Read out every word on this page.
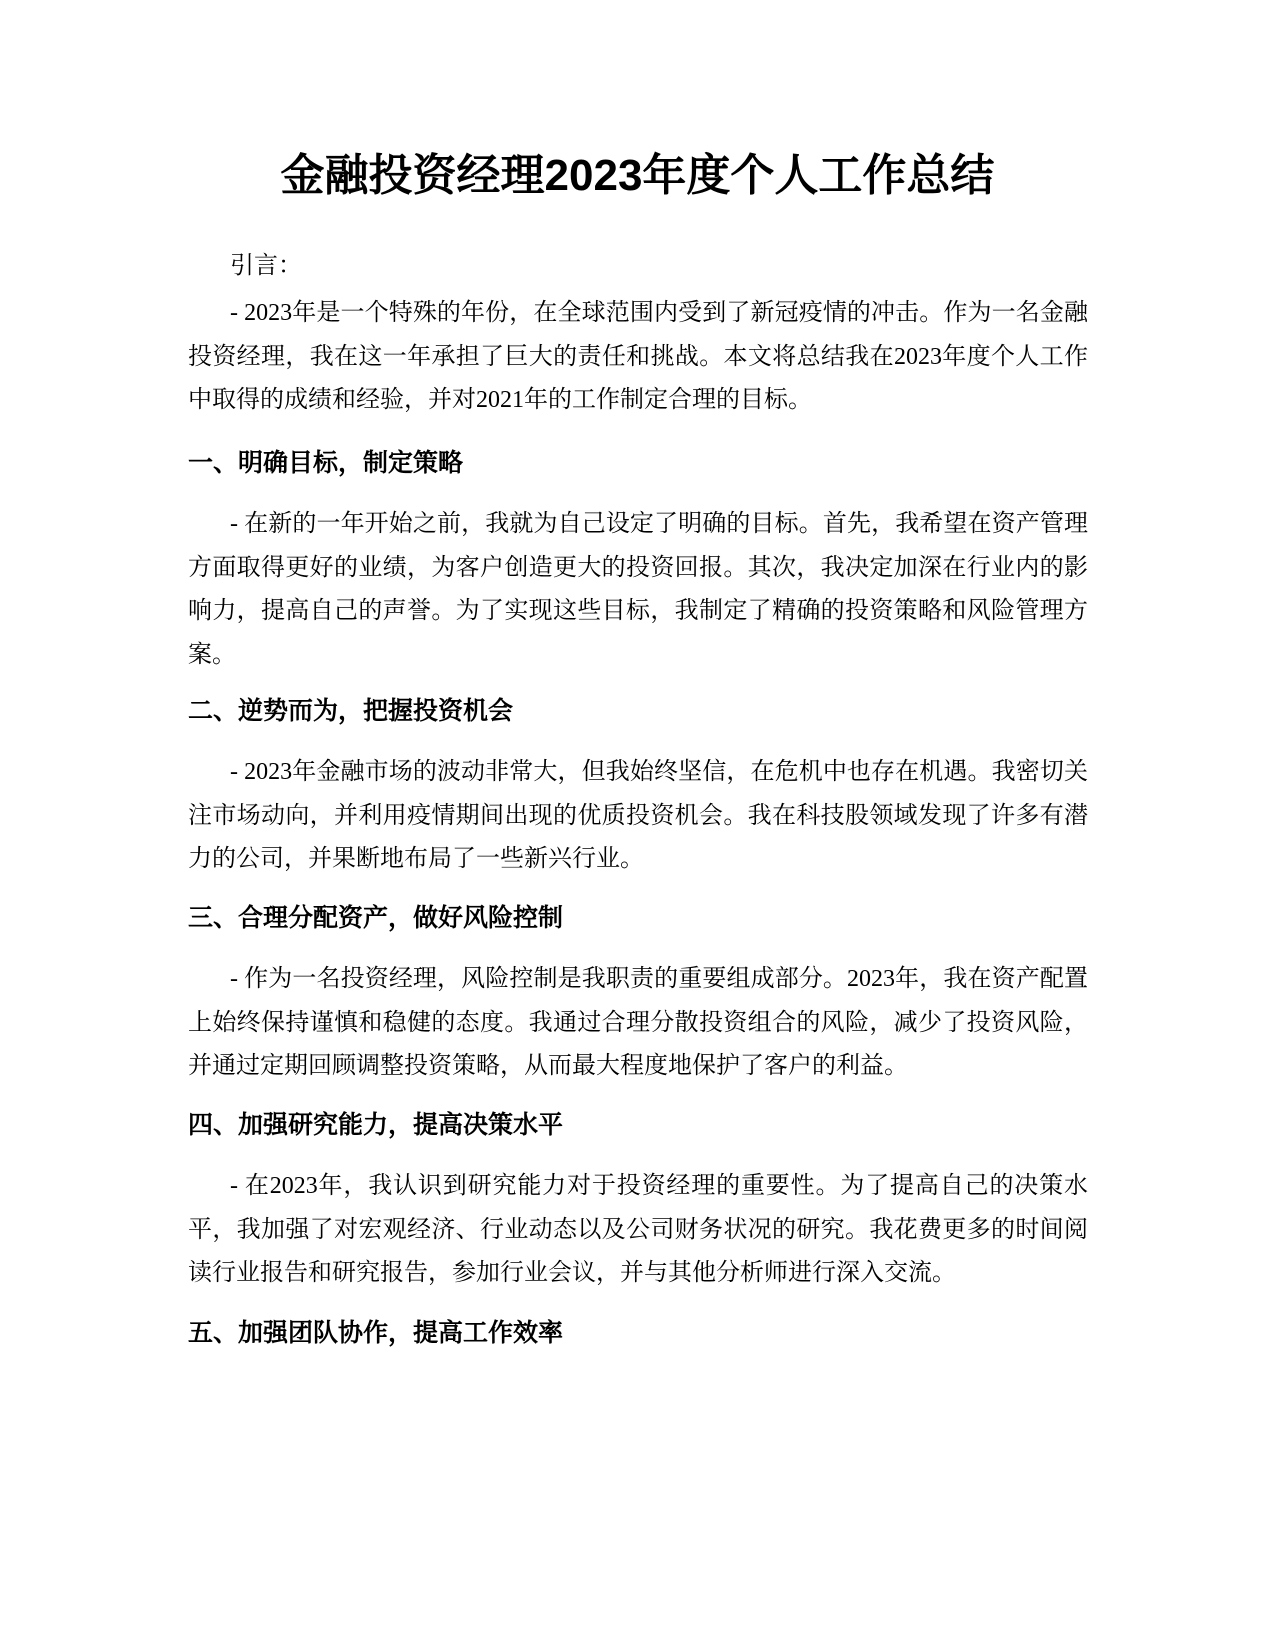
金融投资经理2023年度个人工作总结

引言：

- 2023年是一个特殊的年份，在全球范围内受到了新冠疫情的冲击。作为一名金融投资经理，我在这一年承担了巨大的责任和挑战。本文将总结我在2023年度个人工作中取得的成绩和经验，并对2021年的工作制定合理的目标。

一、明确目标，制定策略

- 在新的一年开始之前，我就为自己设定了明确的目标。首先，我希望在资产管理方面取得更好的业绩，为客户创造更大的投资回报。其次，我决定加深在行业内的影响力，提高自己的声誉。为了实现这些目标，我制定了精确的投资策略和风险管理方案。

二、逆势而为，把握投资机会

- 2023年金融市场的波动非常大，但我始终坚信，在危机中也存在机遇。我密切关注市场动向，并利用疫情期间出现的优质投资机会。我在科技股领域发现了许多有潜力的公司，并果断地布局了一些新兴行业。

三、合理分配资产，做好风险控制

- 作为一名投资经理，风险控制是我职责的重要组成部分。2023年，我在资产配置上始终保持谨慎和稳健的态度。我通过合理分散投资组合的风险，减少了投资风险，并通过定期回顾调整投资策略，从而最大程度地保护了客户的利益。

四、加强研究能力，提高决策水平

- 在2023年，我认识到研究能力对于投资经理的重要性。为了提高自己的决策水平，我加强了对宏观经济、行业动态以及公司财务状况的研究。我花费更多的时间阅读行业报告和研究报告，参加行业会议，并与其他分析师进行深入交流。

五、加强团队协作，提高工作效率
